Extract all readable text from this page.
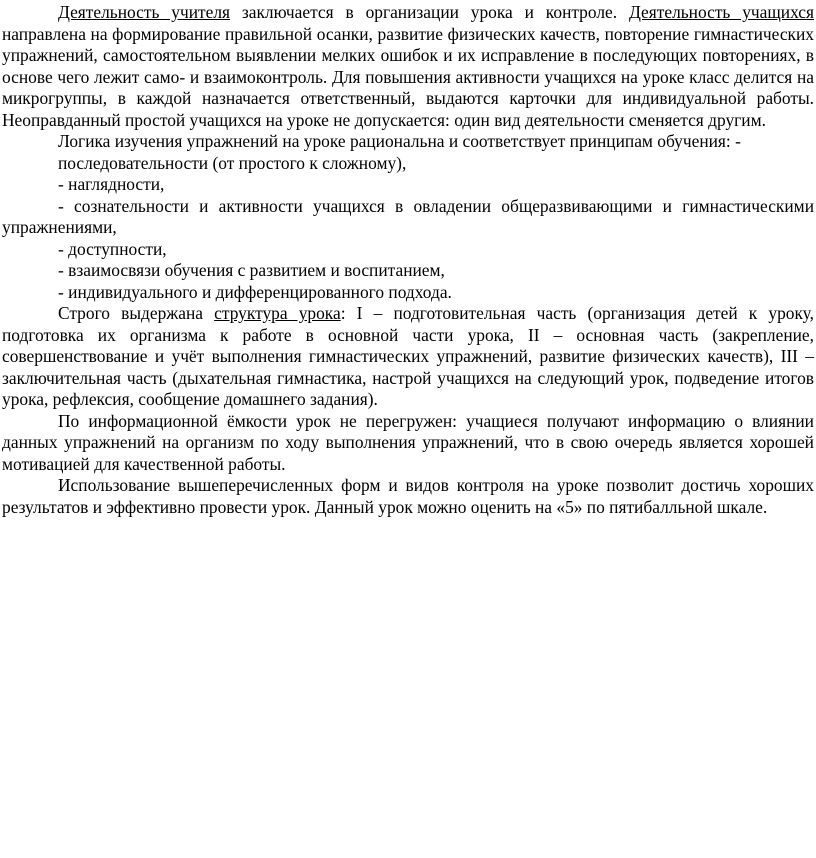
Деятельность учителя заключается в организации урока и контроле. Деятельность учащихся направлена на формирование правильной осанки, развитие физических качеств, повторение гимнастических упражнений, самостоятельном выявлении мелких ошибок и их исправление в последующих повторениях, в основе чего лежит само- и взаимоконтроль. Для повышения активности учащихся на уроке класс делится на микрогруппы, в каждой назначается ответственный, выдаются карточки для индивидуальной работы. Неоправданный простой учащихся на уроке не допускается: один вид деятельности сменяется другим.

Логика изучения упражнений на уроке рациональна и соответствует принципам обучения: -

последовательности (от простого к сложному),

- наглядности,

- сознательности и активности учащихся в овладении общеразвивающими и гимнастическими упражнениями,

- доступности,

- взаимосвязи обучения с развитием и воспитанием,

- индивидуального и дифференцированного подхода.

Строго выдержана структура урока: I – подготовительная часть (организация детей к уроку, подготовка их организма к работе в основной части урока, II – основная часть (закрепление, совершенствование и учёт выполнения гимнастических упражнений, развитие физических качеств), III – заключительная часть (дыхательная гимнастика, настрой учащихся на следующий урок, подведение итогов урока, рефлексия, сообщение домашнего задания).

По информационной ёмкости урок не перегружен: учащиеся получают информацию о влиянии данных упражнений на организм по ходу выполнения упражнений, что в свою очередь является хорошей мотивацией для качественной работы.

Использование вышеперечисленных форм и видов контроля на уроке позволит достичь хороших результатов и эффективно провести урок. Данный урок можно оценить на «5» по пятибалльной шкале.
